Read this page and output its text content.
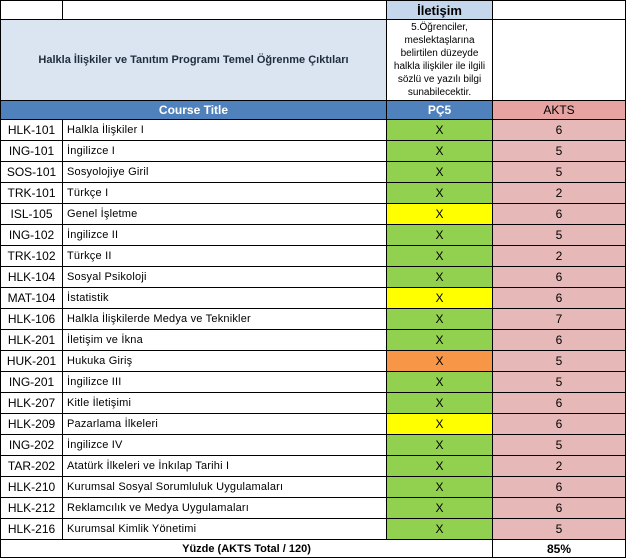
		İletişim	
Halkla İlişkiler ve Tanıtım Programı Temel Öğrenme Çıktıları		5.Öğrenciler, meslektaşlarına belirtilen düzeyde halkla ilişkiler ile ilgili sözlü ve yazılı bilgi sunabilecektir.	
Course Title		PÇ5	AKTS
HLK-101	Halkla İlişkiler I	X	6
ING-101	İngilizce I	X	5
SOS-101	Sosyolojiye Giril	X	5
TRK-101	Türkçe I	X	2
ISL-105	Genel İşletme	X	6
ING-102	İngilizce II	X	5
TRK-102	Türkçe II	X	2
HLK-104	Sosyal Psikoloji	X	6
MAT-104	İstatistik	X	6
HLK-106	Halkla İlişkilerde Medya ve Teknikler	X	7
HLK-201	İletişim ve İkna	X	6
HUK-201	Hukuka Giriş	X	5
ING-201	İngilizce III	X	5
HLK-207	Kitle İletişimi	X	6
HLK-209	Pazarlama İlkeleri	X	6
ING-202	İngilizce IV	X	5
TAR-202	Atatürk İlkeleri ve İnkılap Tarihi I	X	2
HLK-210	Kurumsal Sosyal Sorumluluk Uygulamaları	X	6
HLK-212	Reklamcılık ve Medya Uygulamaları	X	6
HLK-216	Kurumsal Kimlik Yönetimi	X	5
Yüzde (AKTS Total / 120)			85%
